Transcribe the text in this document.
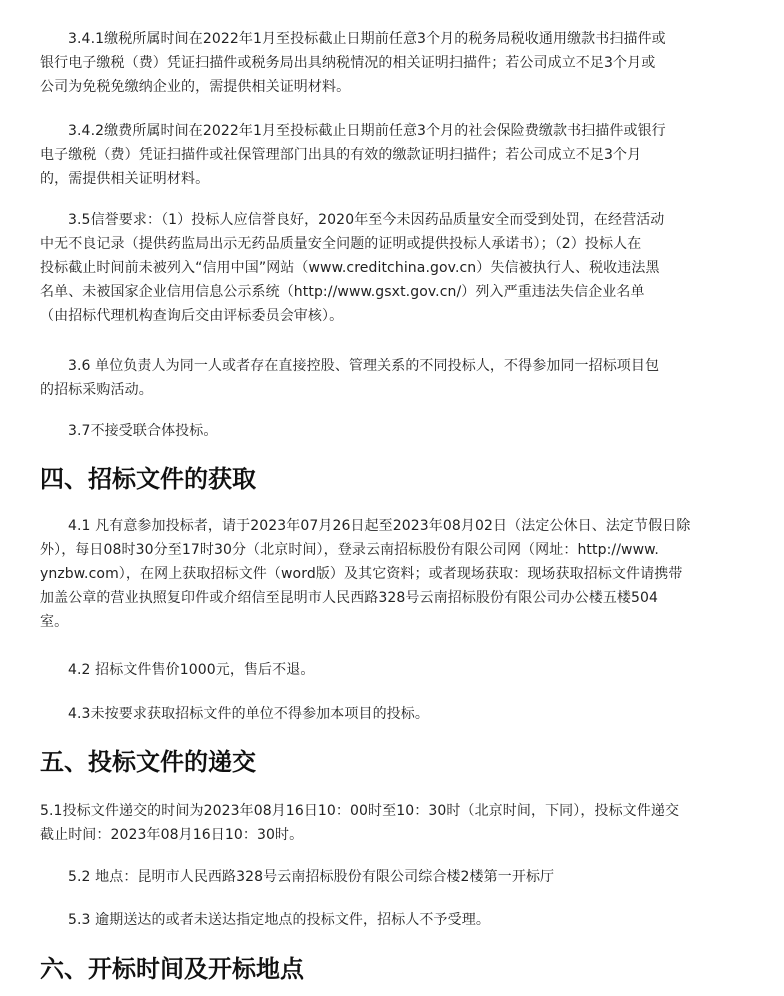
3.4.1缴税所属时间在2022年1月至投标截止日期前任意3个月的税务局税收通用缴款书扫描件或
银行电子缴税（费）凭证扫描件或税务局出具纳税情况的相关证明扫描件；若公司成立不足3个月或
公司为免税免缴纳企业的，需提供相关证明材料。

3.4.2缴费所属时间在2022年1月至投标截止日期前任意3个月的社会保险费缴款书扫描件或银行
电子缴税（费）凭证扫描件或社保管理部门出具的有效的缴款证明扫描件；若公司成立不足3个月
的，需提供相关证明材料。

3.5信誉要求：（1）投标人应信誉良好，2020年至今未因药品质量安全而受到处罚，在经营活动
中无不良记录（提供药监局出示无药品质量安全问题的证明或提供投标人承诺书）；（2）投标人在
投标截止时间前未被列入“信用中国”网站（www.creditchina.gov.cn）失信被执行人、税收违法黑
名单、未被国家企业信用信息公示系统（http://www.gsxt.gov.cn/）列入严重违法失信企业名单
（由招标代理机构查询后交由评标委员会审核）。

3.6 单位负责人为同一人或者存在直接控股、管理关系的不同投标人，不得参加同一招标项目包
的招标采购活动。

3.7不接受联合体投标。

四、招标文件的获取

4.1 凡有意参加投标者，请于2023年07月26日起至2023年08月02日（法定公休日、法定节假日除
外），每日08时30分至17时30分（北京时间），登录云南招标股份有限公司网（网址：http://www.
ynzbw.com），在网上获取招标文件（word版）及其它资料；或者现场获取：现场获取招标文件请携带
加盖公章的营业执照复印件或介绍信至昆明市人民西路328号云南招标股份有限公司办公楼五楼504
室。

4.2 招标文件售价1000元，售后不退。

4.3未按要求获取招标文件的单位不得参加本项目的投标。

五、投标文件的递交

5.1投标文件递交的时间为2023年08月16日10：00时至10：30时（北京时间，下同），投标文件递交
截止时间：2023年08月16日10：30时。

5.2 地点：昆明市人民西路328号云南招标股份有限公司综合楼2楼第一开标厅

5.3 逾期送达的或者未送达指定地点的投标文件，招标人不予受理。

六、开标时间及开标地点
